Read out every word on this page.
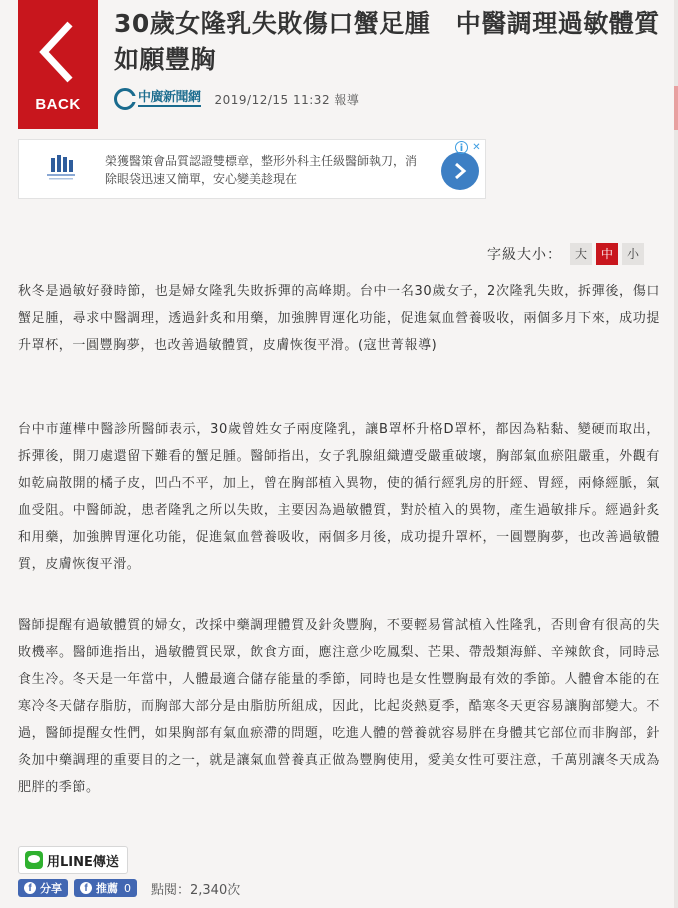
BACK
30歲女隆乳失敗傷口蟹足腫　中醫調理過敏體質如願豐胸
中廣新聞網 2019/12/15 11:32 報導
榮獲醫策會品質認證雙標章，整形外科主任級醫師執刀，消除眼袋迅速又簡單，安心變美趁現在
i ✕
字級大小：	大	中	小

秋冬是過敏好發時節，也是婦女隆乳失敗拆彈的高峰期。台中一名30歲女子，2次隆乳失敗，拆彈後，傷口蟹足腫，尋求中醫調理，透過針炙和用藥，加強脾胃運化功能，促進氣血營養吸收，兩個多月下來，成功提升罩杯，一圓豐胸夢，也改善過敏體質，皮膚恢復平滑。(寇世菁報導)

台中市蓮樺中醫診所醫師表示，30歲曾姓女子兩度隆乳，讓B罩杯升格D罩杯，都因為粘黏、變硬而取出，拆彈後，開刀處還留下難看的蟹足腫。醫師指出，女子乳腺組織遭受嚴重破壞，胸部氣血瘀阻嚴重，外觀有如乾扁散開的橘子皮，凹凸不平，加上，曾在胸部植入異物，使的循行經乳房的肝經、胃經，兩條經脈，氣血受阻。中醫師說，患者隆乳之所以失敗，主要因為過敏體質，對於植入的異物，產生過敏排斥。經過針炙和用藥，加強脾胃運化功能，促進氣血營養吸收，兩個多月後，成功提升罩杯，一圓豐胸夢，也改善過敏體質，皮膚恢復平滑。

醫師提醒有過敏體質的婦女，改採中藥調理體質及針灸豐胸，不要輕易嘗試植入性隆乳，否則會有很高的失敗機率。醫師進指出，過敏體質民眾，飲食方面，應注意少吃鳳梨、芒果、帶殼類海鮮、辛辣飲食，同時忌食生冷。冬天是一年當中，人體最適合儲存能量的季節，同時也是女性豐胸最有效的季節。人體會本能的在寒冷冬天儲存脂肪，而胸部大部分是由脂肪所組成，因此，比起炎熱夏季，酷寒冬天更容易讓胸部變大。不過，醫師提醒女性們，如果胸部有氣血瘀滯的問題，吃進人體的營養就容易胖在身體其它部位而非胸部，針灸加中藥調理的重要目的之一，就是讓氣血營養真正做為豐胸使用，愛美女性可要注意，千萬別讓冬天成為肥胖的季節。

用LINE傳送
f 分享	f 推薦 0 點閱：2,340次
